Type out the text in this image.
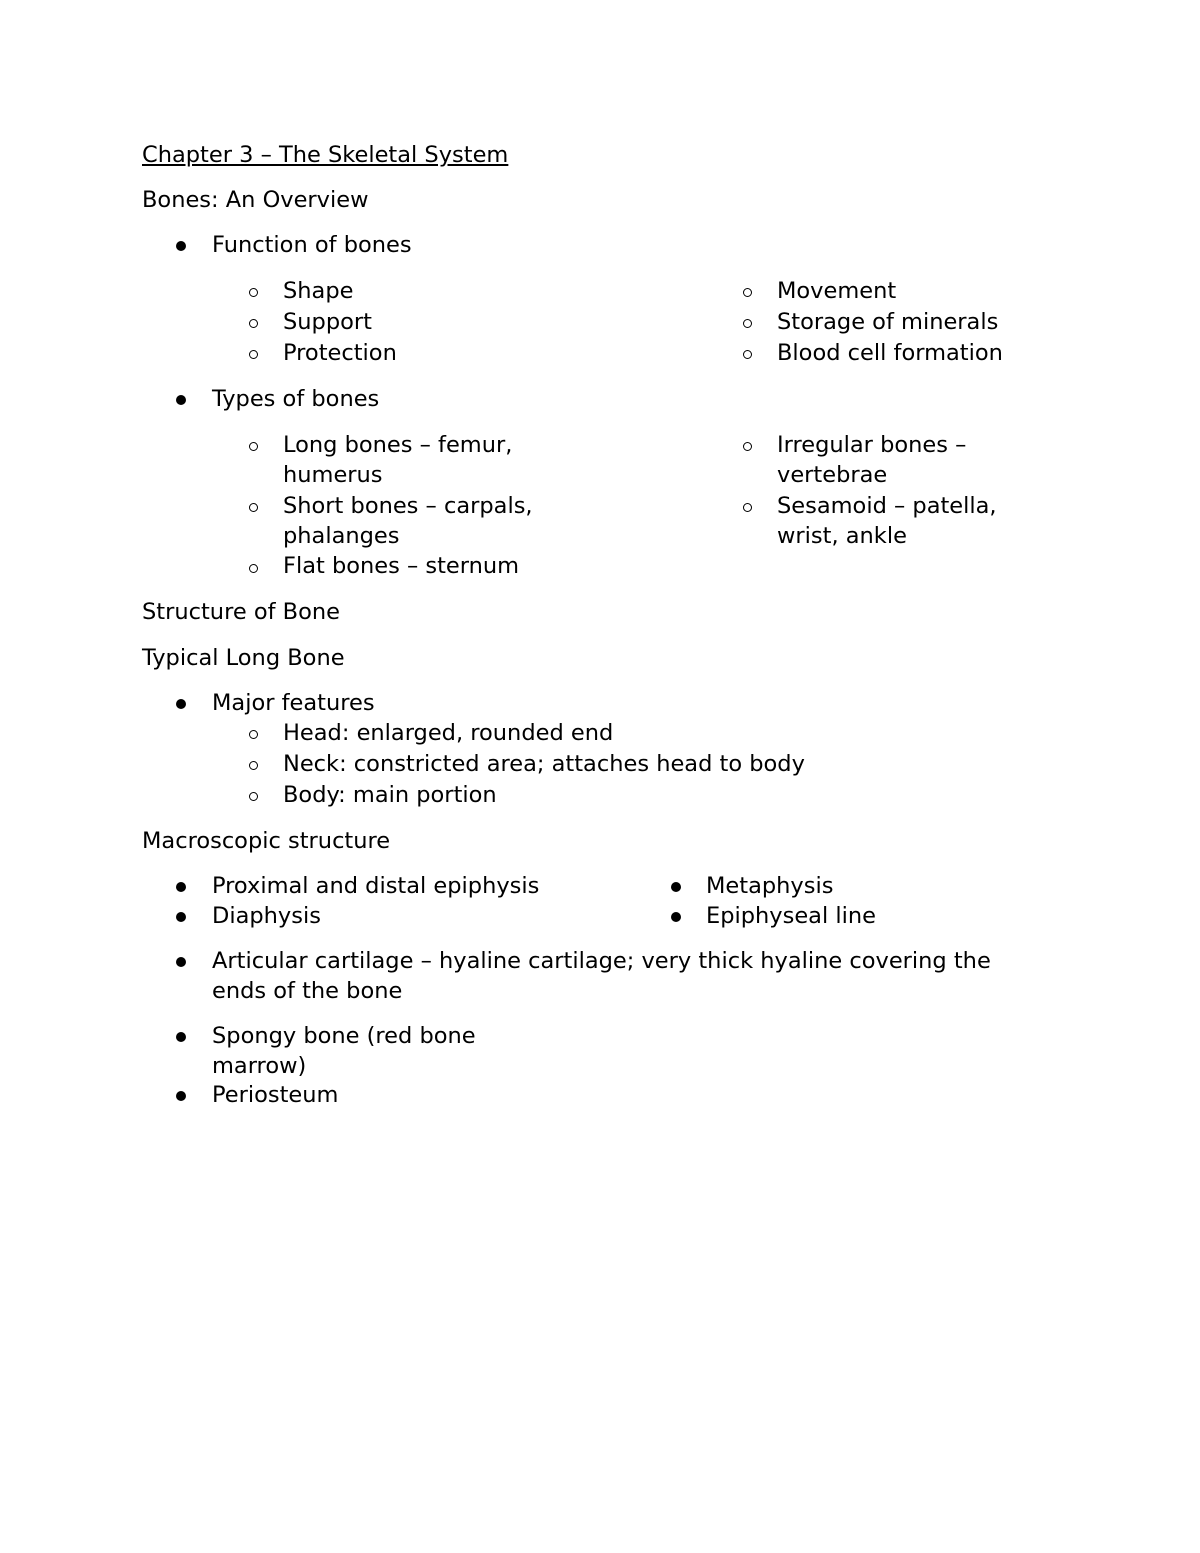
Chapter 3 – The Skeletal System
Bones: An Overview
Function of bones
Shape
Support
Protection
Movement
Storage of minerals
Blood cell formation
Types of bones
Long bones – femur,
humerus
Short bones – carpals,
phalanges
Flat bones – sternum
Irregular bones –
vertebrae
Sesamoid – patella,
wrist, ankle
Structure of Bone
Typical Long Bone
Major features
Head: enlarged, rounded end
Neck: constricted area; attaches head to body
Body: main portion
Macroscopic structure
Proximal and distal epiphysis
Diaphysis
Metaphysis
Epiphyseal line
Articular cartilage – hyaline cartilage; very thick hyaline covering the
ends of the bone
Spongy bone (red bone
marrow)
Periosteum
